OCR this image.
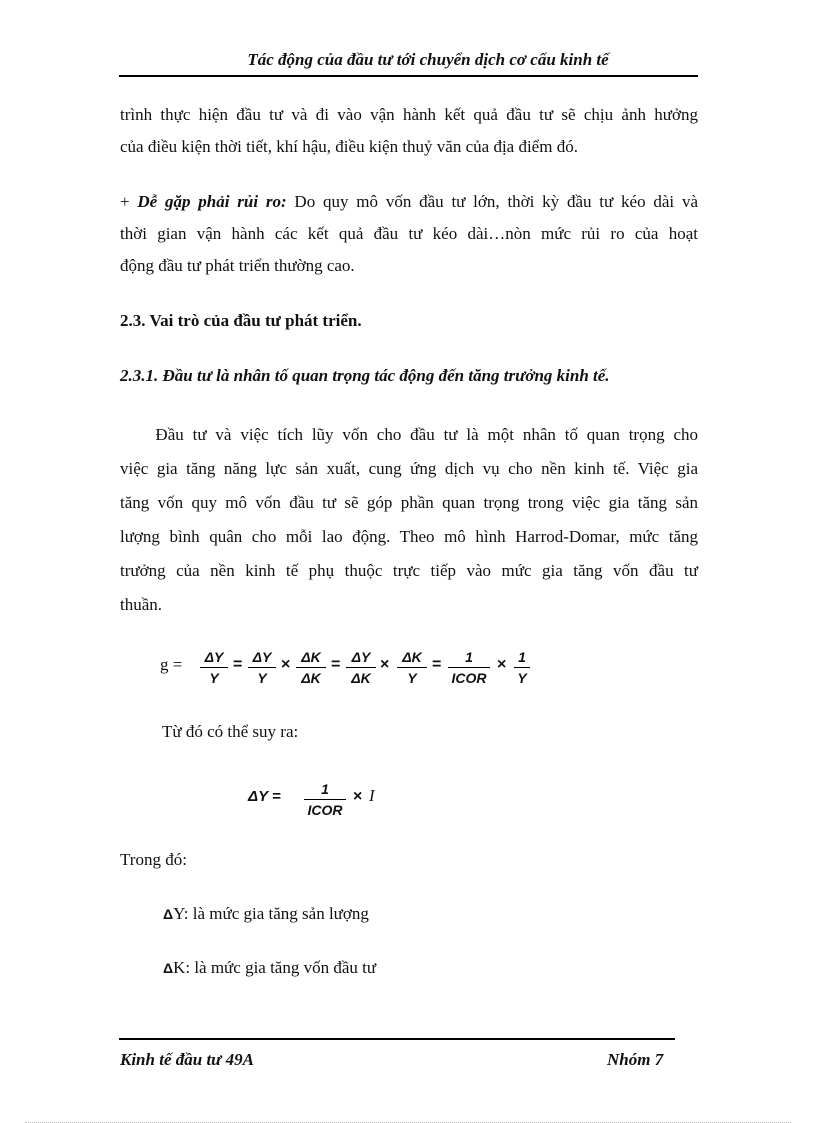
Tác động của đầu tư tới chuyển dịch cơ cấu kinh tế
trình thực hiện đầu tư và đi vào vận hành kết quả đầu tư sẽ chịu ảnh hưởng
của điều kiện thời tiết, khí hậu, điều kiện thuỷ văn của địa điểm đó.
+ Dễ gặp phải rủi ro: Do quy mô vốn đầu tư lớn, thời kỳ đầu tư kéo dài và
thời gian vận hành các kết quả đầu tư kéo dài…nòn mức rủi ro của hoạt
động đầu tư phát triển thường cao.
2.3. Vai trò của đầu tư phát triển.
2.3.1. Đầu tư là nhân tố quan trọng tác động đến tăng trưởng kinh tế.
Đầu tư và việc tích lũy vốn cho đầu tư là một nhân tố quan trọng cho
việc gia tăng năng lực sản xuất, cung ứng dịch vụ cho nền kinh tế. Việc gia
tăng vốn quy mô vốn đầu tư sẽ góp phần quan trọng trong việc gia tăng sản
lượng bình quân cho mỗi lao động. Theo mô hình Harrod-Domar, mức tăng
trưởng của nền kinh tế phụ thuộc trực tiếp vào mức gia tăng vốn đầu tư
thuần.
g =	ΔY
Y
= ΔY
Y
× ΔK
ΔK
= ΔY
ΔK
× ΔK
Y
=	1
ICOR
× 1
Y
Từ đó có thể suy ra:
ΔY =	1
ICOR
× I
Trong đó:
ΔY: là mức gia tăng sản lượng
ΔK: là mức gia tăng vốn đầu tư
Kinh tế đầu tư 49A	Nhóm 7
